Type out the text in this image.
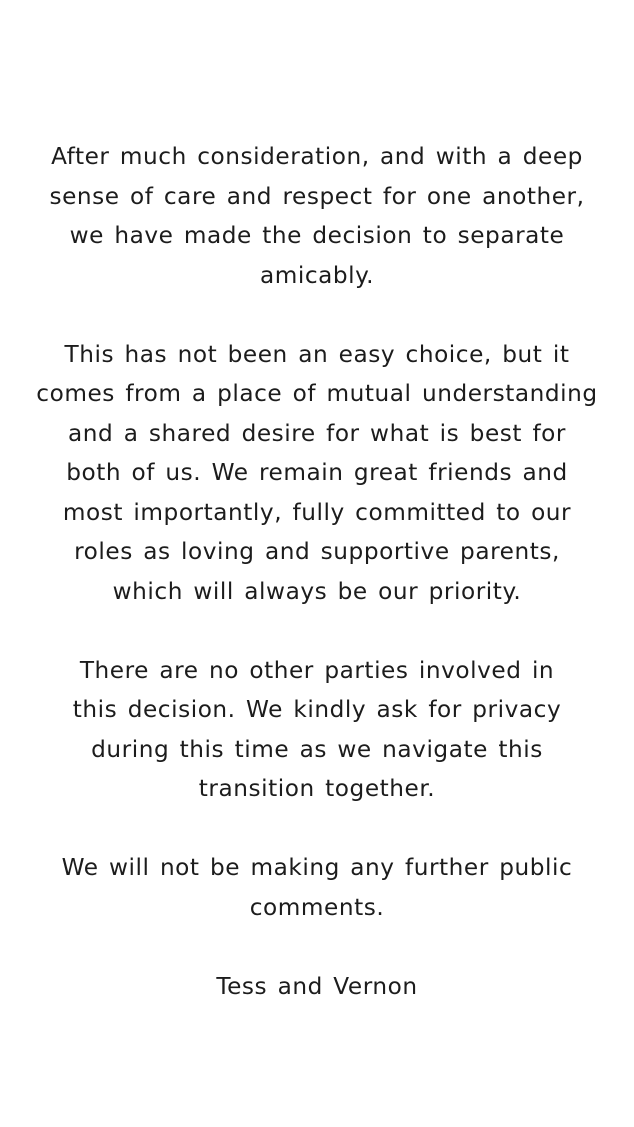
After much consideration, and with a deep
sense of care and respect for one another,
we have made the decision to separate
amicably.

This has not been an easy choice, but it
comes from a place of mutual understanding
and a shared desire for what is best for
both of us. We remain great friends and
most importantly, fully committed to our
roles as loving and supportive parents,
which will always be our priority.

There are no other parties involved in
this decision. We kindly ask for privacy
during this time as we navigate this
transition together.

We will not be making any further public
comments.

Tess and Vernon
